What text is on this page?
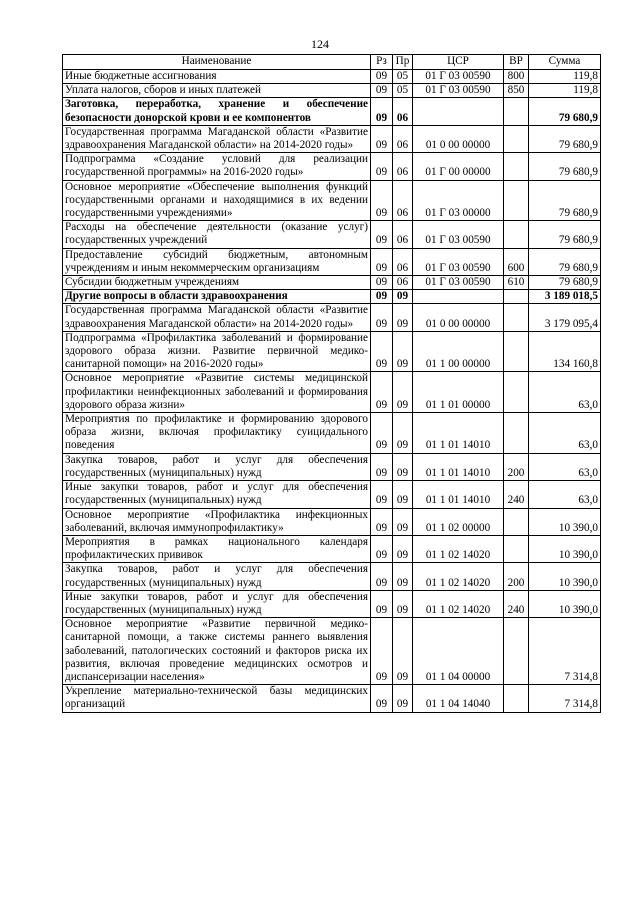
124
Наименование	Рз	Пр	ЦСР	ВР	Сумма
Иные бюджетные ассигнования	09	05	01 Г 03 00590	800	119,8
Уплата налогов, сборов и иных платежей	09	05	01 Г 03 00590	850	119,8
Заготовка, переработка, хранение и обеспечение безопасности донорской крови и ее компонентов	09	06			79 680,9
Государственная программа Магаданской области «Развитие здравоохранения Магаданской области» на 2014-2020 годы»	09	06	01 0 00 00000		79 680,9
Подпрограмма «Создание условий для реализации государственной программы» на 2016-2020 годы»	09	06	01 Г 00 00000		79 680,9
Основное мероприятие «Обеспечение выполнения функций государственными органами и находящимися в их ведении государственными учреждениями»	09	06	01 Г 03 00000		79 680,9
Расходы на обеспечение деятельности (оказание услуг) государственных учреждений	09	06	01 Г 03 00590		79 680,9
Предоставление субсидий бюджетным, автономным учреждениям и иным некоммерческим организациям	09	06	01 Г 03 00590	600	79 680,9
Субсидии бюджетным учреждениям	09	06	01 Г 03 00590	610	79 680,9
Другие вопросы в области здравоохранения	09	09			3 189 018,5
Государственная программа Магаданской области «Развитие здравоохранения Магаданской области» на 2014-2020 годы»	09	09	01 0 00 00000		3 179 095,4
Подпрограмма «Профилактика заболеваний и формирование здорового образа жизни. Развитие первичной медико-санитарной помощи» на 2016-2020 годы»	09	09	01 1 00 00000		134 160,8
Основное мероприятие «Развитие системы медицинской профилактики неинфекционных заболеваний и формирования здорового образа жизни»	09	09	01 1 01 00000		63,0
Мероприятия по профилактике и формированию здорового образа жизни, включая профилактику суицидального поведения	09	09	01 1 01 14010		63,0
Закупка товаров, работ и услуг для обеспечения государственных (муниципальных) нужд	09	09	01 1 01 14010	200	63,0
Иные закупки товаров, работ и услуг для обеспечения государственных (муниципальных) нужд	09	09	01 1 01 14010	240	63,0
Основное мероприятие «Профилактика инфекционных заболеваний, включая иммунопрофилактику»	09	09	01 1 02 00000		10 390,0
Мероприятия в рамках национального календаря профилактических прививок	09	09	01 1 02 14020		10 390,0
Закупка товаров, работ и услуг для обеспечения государственных (муниципальных) нужд	09	09	01 1 02 14020	200	10 390,0
Иные закупки товаров, работ и услуг для обеспечения государственных (муниципальных) нужд	09	09	01 1 02 14020	240	10 390,0
Основное мероприятие «Развитие первичной медико-санитарной помощи, а также системы раннего выявления заболеваний, патологических состояний и факторов риска их развития, включая проведение медицинских осмотров и диспансеризации населения»	09	09	01 1 04 00000		7 314,8
Укрепление материально-технической базы медицинских организаций	09	09	01 1 04 14040		7 314,8
